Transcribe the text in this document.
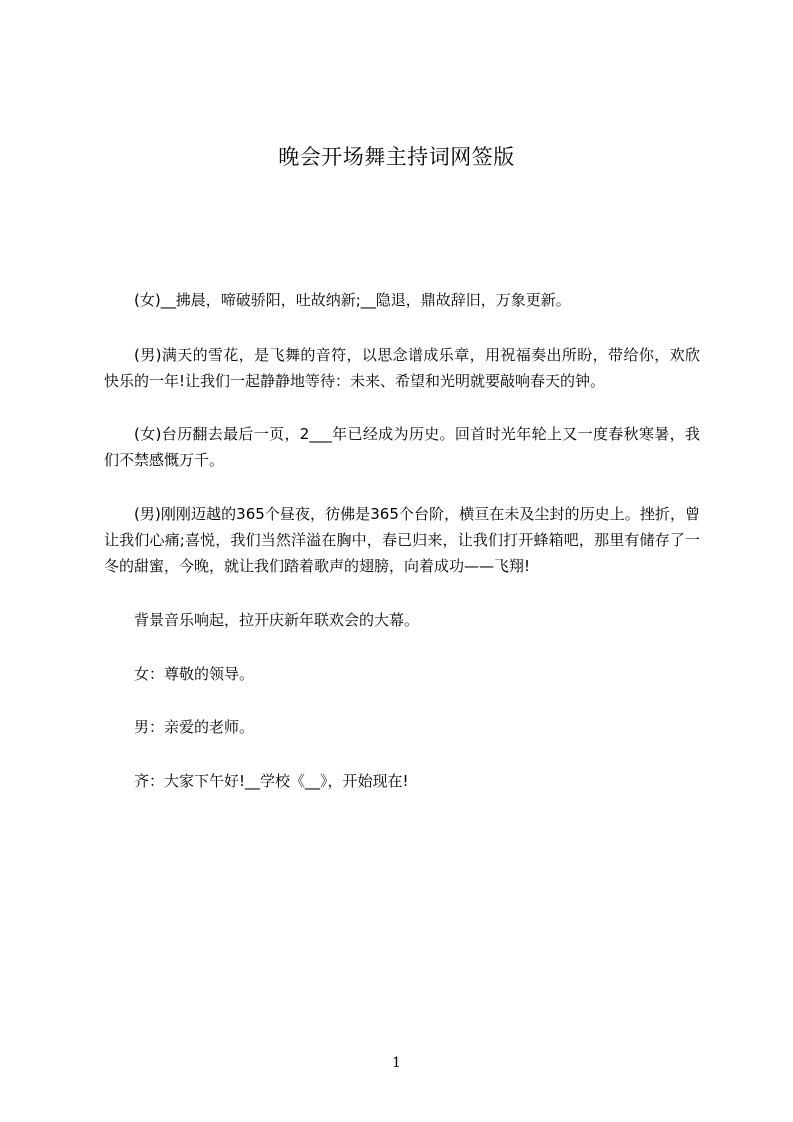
晚会开场舞主持词网签版

(女)__拂晨，啼破骄阳，吐故纳新;__隐退，鼎故辞旧，万象更新。

(男)满天的雪花，是飞舞的音符，以思念谱成乐章，用祝福奏出所盼，带给你，欢欣快乐的一年!让我们一起静静地等待：未来、希望和光明就要敲响春天的钟。

(女)台历翻去最后一页，2___年已经成为历史。回首时光年轮上又一度春秋寒暑，我们不禁感慨万千。

(男)刚刚迈越的365个昼夜，彷佛是365个台阶，横亘在未及尘封的历史上。挫折，曾让我们心痛;喜悦，我们当然洋溢在胸中，春已归来，让我们打开蜂箱吧，那里有储存了一冬的甜蜜，今晚，就让我们踏着歌声的翅膀，向着成功——飞翔!

背景音乐响起，拉开庆新年联欢会的大幕。

女：尊敬的领导。

男：亲爱的老师。

齐：大家下午好!__学校《__》，开始现在!

1
